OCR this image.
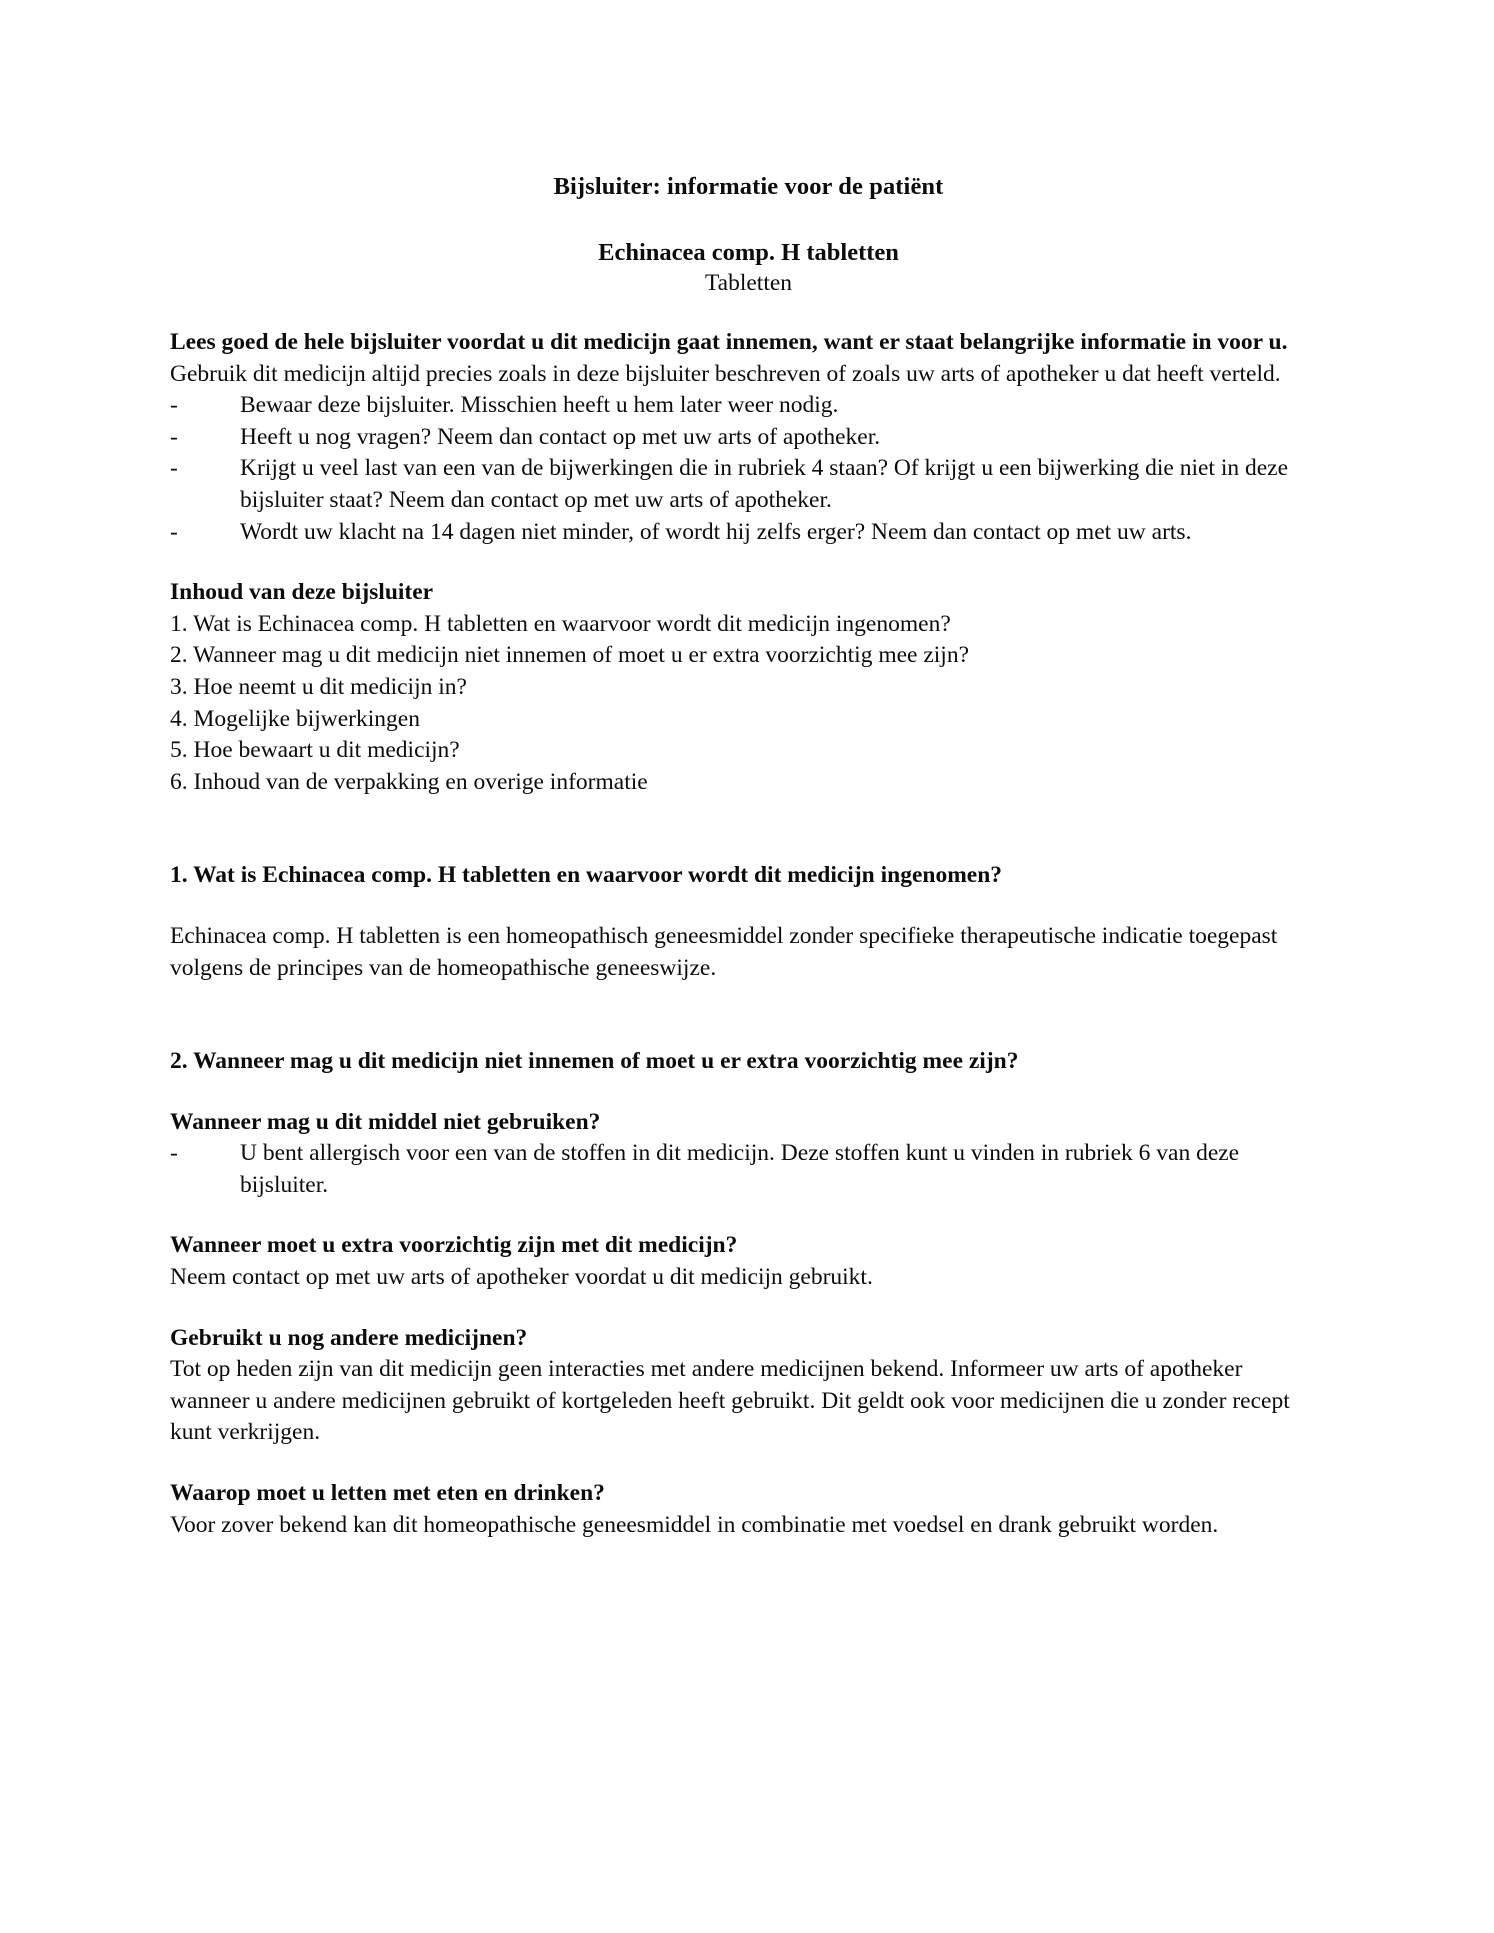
Bijsluiter: informatie voor de patiënt
Echinacea comp. H tabletten
Tabletten

Lees goed de hele bijsluiter voordat u dit medicijn gaat innemen, want er staat belangrijke informatie in voor u.

Gebruik dit medicijn altijd precies zoals in deze bijsluiter beschreven of zoals uw arts of apotheker u dat heeft verteld.

-	Bewaar deze bijsluiter. Misschien heeft u hem later weer nodig.
-	Heeft u nog vragen? Neem dan contact op met uw arts of apotheker.
-	Krijgt u veel last van een van de bijwerkingen die in rubriek 4 staan? Of krijgt u een bijwerking die niet in deze bijsluiter staat? Neem dan contact op met uw arts of apotheker.
-	Wordt uw klacht na 14 dagen niet minder, of wordt hij zelfs erger? Neem dan contact op met uw arts.
Inhoud van deze bijsluiter
1. Wat is Echinacea comp. H tabletten en waarvoor wordt dit medicijn ingenomen?
2. Wanneer mag u dit medicijn niet innemen of moet u er extra voorzichtig mee zijn?
3. Hoe neemt u dit medicijn in?
4. Mogelijke bijwerkingen
5. Hoe bewaart u dit medicijn?
6. Inhoud van de verpakking en overige informatie
1. Wat is Echinacea comp. H tabletten en waarvoor wordt dit medicijn ingenomen?

Echinacea comp. H tabletten is een homeopathisch geneesmiddel zonder specifieke therapeutische indicatie toegepast volgens de principes van de homeopathische geneeswijze.

2. Wanneer mag u dit medicijn niet innemen of moet u er extra voorzichtig mee zijn?
Wanneer mag u dit middel niet gebruiken?
-	U bent allergisch voor een van de stoffen in dit medicijn. Deze stoffen kunt u vinden in rubriek 6 van deze bijsluiter.
Wanneer moet u extra voorzichtig zijn met dit medicijn?

Neem contact op met uw arts of apotheker voordat u dit medicijn gebruikt.

Gebruikt u nog andere medicijnen?

Tot op heden zijn van dit medicijn geen interacties met andere medicijnen bekend. Informeer uw arts of apotheker wanneer u andere medicijnen gebruikt of kortgeleden heeft gebruikt. Dit geldt ook voor medicijnen die u zonder recept kunt verkrijgen.

Waarop moet u letten met eten en drinken?

Voor zover bekend kan dit homeopathische geneesmiddel in combinatie met voedsel en drank gebruikt worden.
